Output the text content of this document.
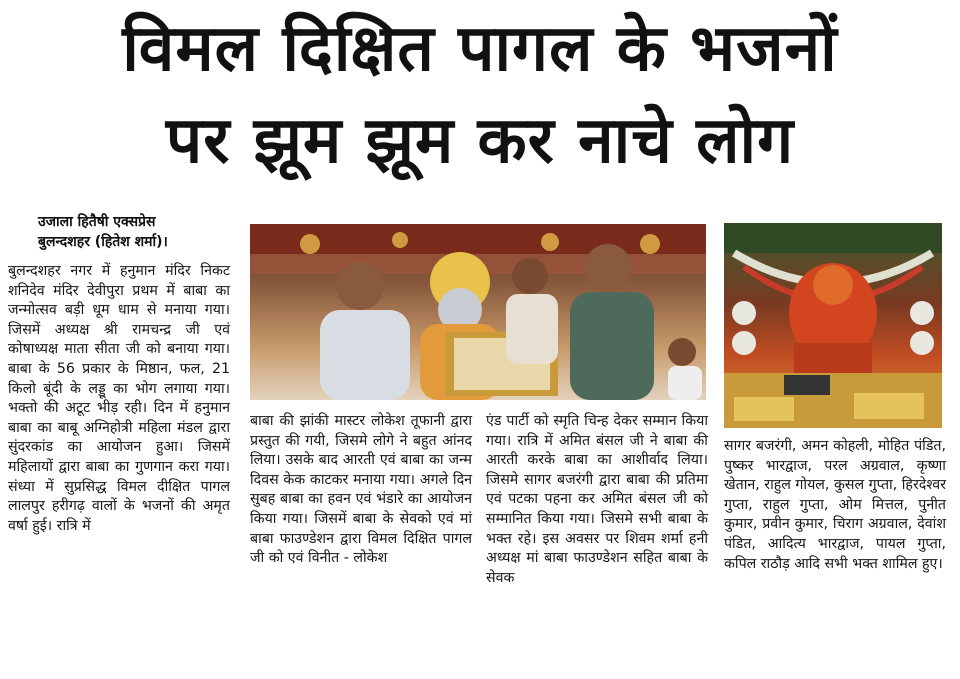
विमल दिक्षित पागल के भजनों
पर झूम झूम कर नाचे लोग
उजाला हितैषी एक्सप्रेस
बुलन्दशहर (हितेश शर्मा)।

बुलन्दशहर नगर में हनुमान मंदिर निकट शनिदेव मंदिर देवीपुरा प्रथम में बाबा का जन्मोत्सव बड़ी धूम धाम से मनाया गया। जिसमें अध्यक्ष श्री रामचन्द्र जी एवं कोषाध्यक्ष माता सीता जी को बनाया गया। बाबा के 56 प्रकार के मिष्ठान, फल, 21 किलो बूंदी के लड्डू का भोग लगाया गया। भक्तो की अटूट भीड़ रही। दिन में हनुमान बाबा का बाबू अग्निहोत्री महिला मंडल द्वारा सुंदरकांड का आयोजन हुआ। जिसमें महिलायों द्वारा बाबा का गुणगान करा गया। संध्या में सुप्रसिद्ध विमल दीक्षित पागल लालपुर हरीगढ़ वालों के भजनों की अमृत वर्षा हुई। रात्रि में

बाबा की झांकी मास्टर लोकेश तूफानी द्वारा प्रस्तुत की गयी, जिसमे लोगे ने बहुत आंनद लिया। उसके बाद आरती एवं बाबा का जन्म दिवस केक काटकर मनाया गया। अगले दिन सुबह बाबा का हवन एवं भंडारे का आयोजन किया गया। जिसमें बाबा के सेवको एवं मां बाबा फाउण्डेशन द्वारा विमल दिक्षित पागल जी को एवं विनीत - लोकेश

एंड पार्टी को स्मृति चिन्ह देकर सम्मान किया गया। रात्रि में अमित बंसल जी ने बाबा की आरती करके बाबा का आशीर्वाद लिया। जिसमे सागर बजरंगी द्वारा बाबा की प्रतिमा एवं पटका पहना कर अमित बंसल जी को सम्मानित किया गया। जिसमे सभी बाबा के भक्त रहे। इस अवसर पर शिवम शर्मा हनी अध्यक्ष मां बाबा फाउण्डेशन सहित बाबा के सेवक

सागर बजरंगी, अमन कोहली, मोहित पंडित, पुष्कर भारद्वाज, परल अग्रवाल, कृष्णा खेतान, राहुल गोयल, कुसल गुप्ता, हिरदेश्वर गुप्ता, राहुल गुप्ता, ओम मित्तल, पुनीत कुमार, प्रवीन कुमार, चिराग अग्रवाल, देवांश पंडित, आदित्य भारद्वाज, पायल गुप्ता, कपिल राठौड़ आदि सभी भक्त शामिल हुए।
